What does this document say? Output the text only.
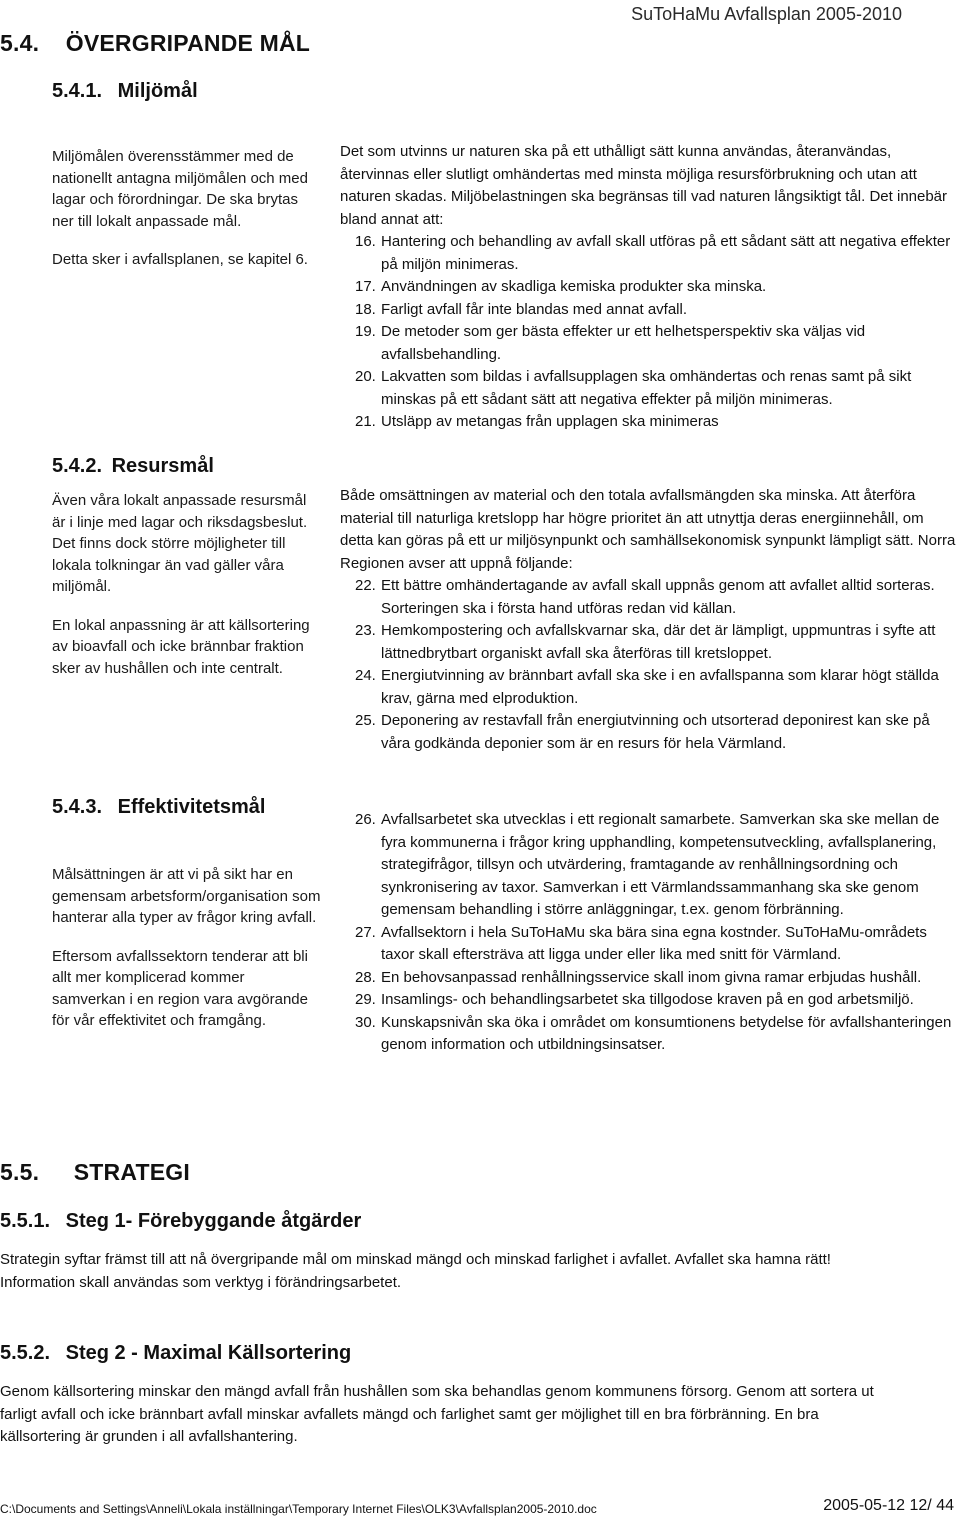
5.4. ÖVERGRIPANDE MÅL
SuToHaMu Avfallsplan 2005-2010
5.4.1. Miljömål

Miljömålen överensstämmer med de nationellt antagna miljömålen och med lagar och förordningar. De ska brytas ner till lokalt anpassade mål.

Detta sker i avfallsplanen, se kapitel 6.

Det som utvinns ur naturen ska på ett uthålligt sätt kunna användas, återanvändas, återvinnas eller slutligt omhändertas med minsta möjliga resursförbrukning och utan att naturen skadas. Miljöbelastningen ska begränsas till vad naturen långsiktigt tål. Det innebär bland annat att:

16. Hantering och behandling av avfall skall utföras på ett sådant sätt att negativa effekter på miljön minimeras.
17. Användningen av skadliga kemiska produkter ska minska.
18. Farligt avfall får inte blandas med annat avfall.
19. De metoder som ger bästa effekter ur ett helhetsperspektiv ska väljas vid avfallsbehandling.
20. Lakvatten som bildas i avfallsupplagen ska omhändertas och renas samt på sikt minskas på ett sådant sätt att negativa effekter på miljön minimeras.
21. Utsläpp av metangas från upplagen ska minimeras
5.4.2. Resursmål

Även våra lokalt anpassade resursmål är i linje med lagar och riksdagsbeslut. Det finns dock större möjligheter till lokala tolkningar än vad gäller våra miljömål.

En lokal anpassning är att källsortering av bioavfall och icke brännbar fraktion sker av hushållen och inte centralt.

Både omsättningen av material och den totala avfallsmängden ska minska. Att återföra material till naturliga kretslopp har högre prioritet än att utnyttja deras energiinnehåll, om detta kan göras på ett ur miljösynpunkt och samhällsekonomisk synpunkt lämpligt sätt. Norra Regionen avser att uppnå följande:

22. Ett bättre omhändertagande av avfall skall uppnås genom att avfallet alltid sorteras. Sorteringen ska i första hand utföras redan vid källan.
23. Hemkompostering och avfallskvarnar ska, där det är lämpligt, uppmuntras i syfte att lättnedbrytbart organiskt avfall ska återföras till kretsloppet.
24. Energiutvinning av brännbart avfall ska ske i en avfallspanna som klarar högt ställda krav, gärna med elproduktion.
25. Deponering av restavfall från energiutvinning och utsorterad deponirest kan ske på våra godkända deponier som är en resurs för hela Värmland.
5.4.3. Effektivitetsmål

Målsättningen är att vi på sikt har en gemensam arbetsform/organisation som hanterar alla typer av frågor kring avfall.

Eftersom avfallssektorn tenderar att bli allt mer komplicerad kommer samverkan i en region vara avgörande för vår effektivitet och framgång.

26. Avfallsarbetet ska utvecklas i ett regionalt samarbete. Samverkan ska ske mellan de fyra kommunerna i frågor kring upphandling, kompetensutveckling, avfallsplanering, strategifrågor, tillsyn och utvärdering, framtagande av renhållningsordning och synkronisering av taxor. Samverkan i ett Värmlandssammanhang ska ske genom gemensam behandling i större anläggningar, t.ex. genom förbränning.
27. Avfallsektorn i hela SuToHaMu ska bära sina egna kostnder. SuToHaMu-områdets taxor skall eftersträva att ligga under eller lika med snitt för Värmland.
28. En behovsanpassad renhållningsservice skall inom givna ramar erbjudas hushåll.
29. Insamlings- och behandlingsarbetet ska tillgodose kraven på en god arbetsmiljö.
30. Kunskapsnivån ska öka i området om konsumtionens betydelse för avfallshanteringen genom information och utbildningsinsatser.
5.5. STRATEGI
5.5.1. Steg 1- Förebyggande åtgärder
Strategin syftar främst till att nå övergripande mål om minskad mängd och minskad farlighet i avfallet. Avfallet ska hamna rätt! Information skall användas som verktyg i förändringsarbetet.
5.5.2. Steg 2 - Maximal Källsortering
Genom källsortering minskar den mängd avfall från hushållen som ska behandlas genom kommunens försorg. Genom att sortera ut farligt avfall och icke brännbart avfall minskar avfallets mängd och farlighet samt ger möjlighet till en bra förbränning. En bra källsortering är grunden i all avfallshantering.
C:\Documents and Settings\Anneli\Lokala inställningar\Temporary Internet Files\OLK3\Avfallsplan2005-2010.doc	2005-05-12 12/ 44
